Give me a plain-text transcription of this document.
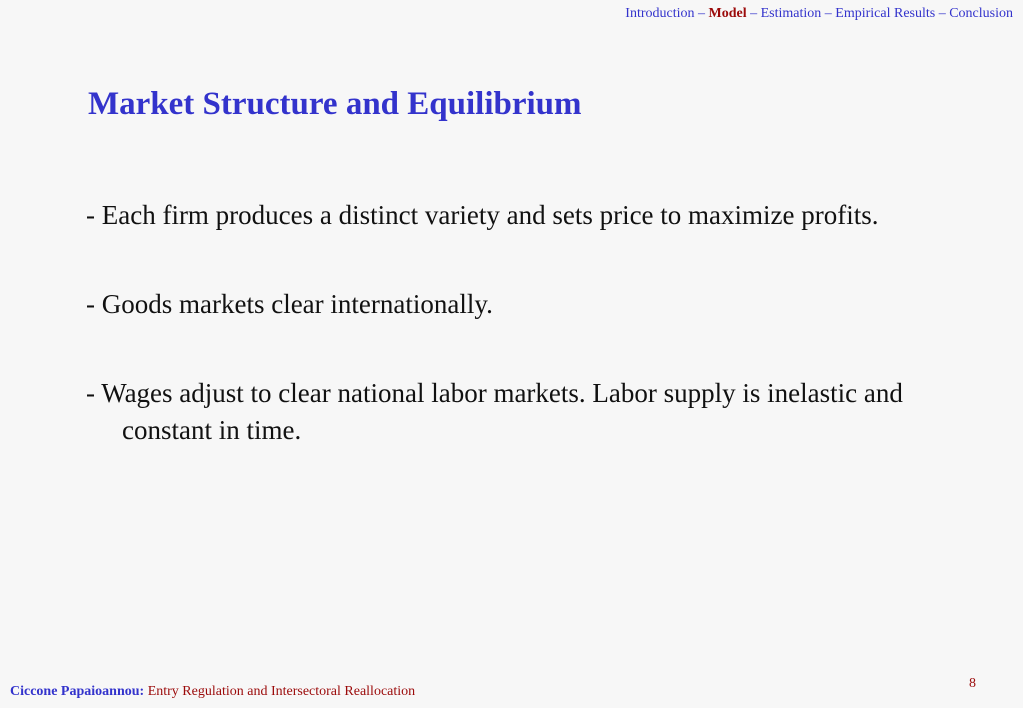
Introduction – Model – Estimation – Empirical Results – Conclusion
Market Structure and Equilibrium
- Each firm produces a distinct variety and sets price to maximize profits.
- Goods markets clear internationally.
- Wages adjust to clear national labor markets. Labor supply is inelastic and constant in time.
Ciccone Papaioannou: Entry Regulation and Intersectoral Reallocation
8
